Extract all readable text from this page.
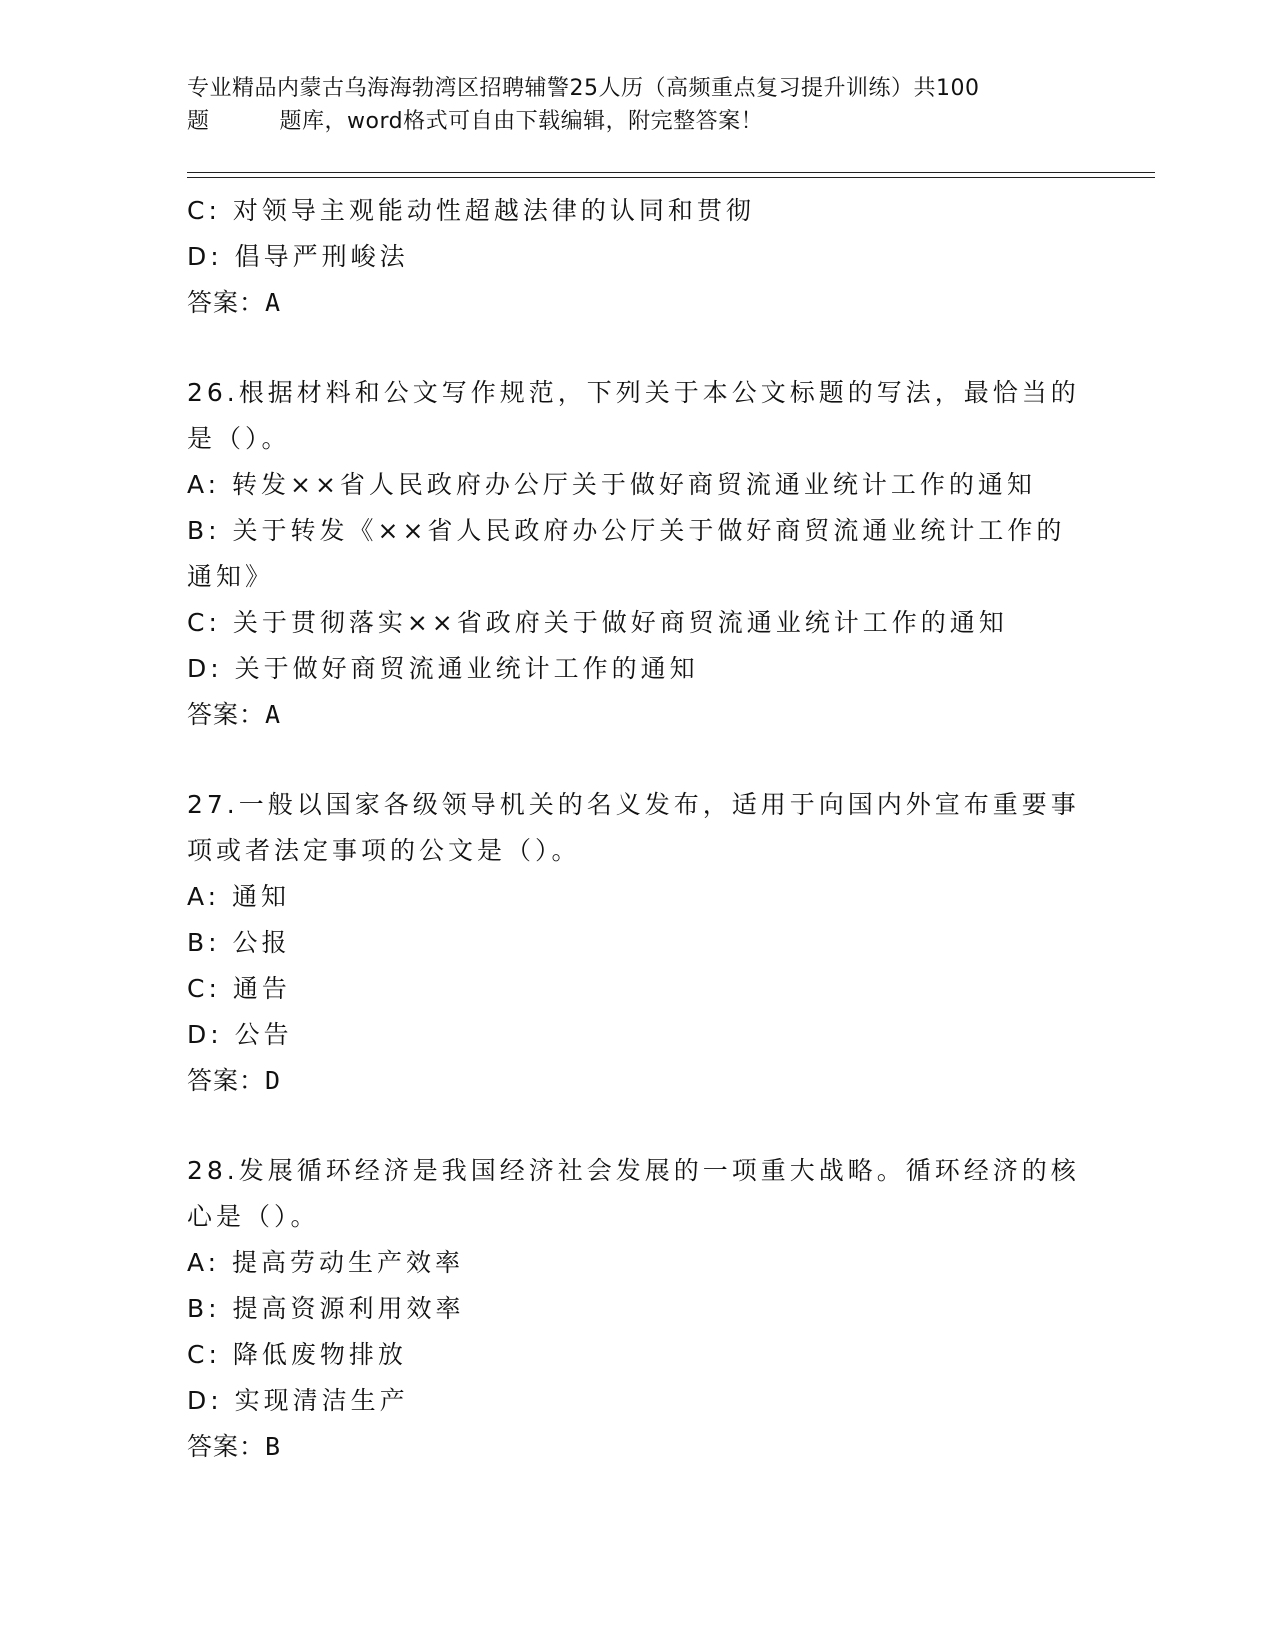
专业精品内蒙古乌海海勃湾区招聘辅警25人历（高频重点复习提升训练）共100
题	题库，word格式可自由下载编辑，附完整答案！
C: 对领导主观能动性超越法律的认同和贯彻
D: 倡导严刑峻法
答案：A
26.根据材料和公文写作规范，下列关于本公文标题的写法，最恰当的
是（）。
A: 转发××省人民政府办公厅关于做好商贸流通业统计工作的通知
B: 关于转发《××省人民政府办公厅关于做好商贸流通业统计工作的
通知》
C: 关于贯彻落实××省政府关于做好商贸流通业统计工作的通知
D: 关于做好商贸流通业统计工作的通知
答案：A
27.一般以国家各级领导机关的名义发布，适用于向国内外宣布重要事
项或者法定事项的公文是（）。
A: 通知
B: 公报
C: 通告
D: 公告
答案：D
28.发展循环经济是我国经济社会发展的一项重大战略。循环经济的核
心是（）。
A: 提高劳动生产效率
B: 提高资源利用效率
C: 降低废物排放
D: 实现清洁生产
答案：B
